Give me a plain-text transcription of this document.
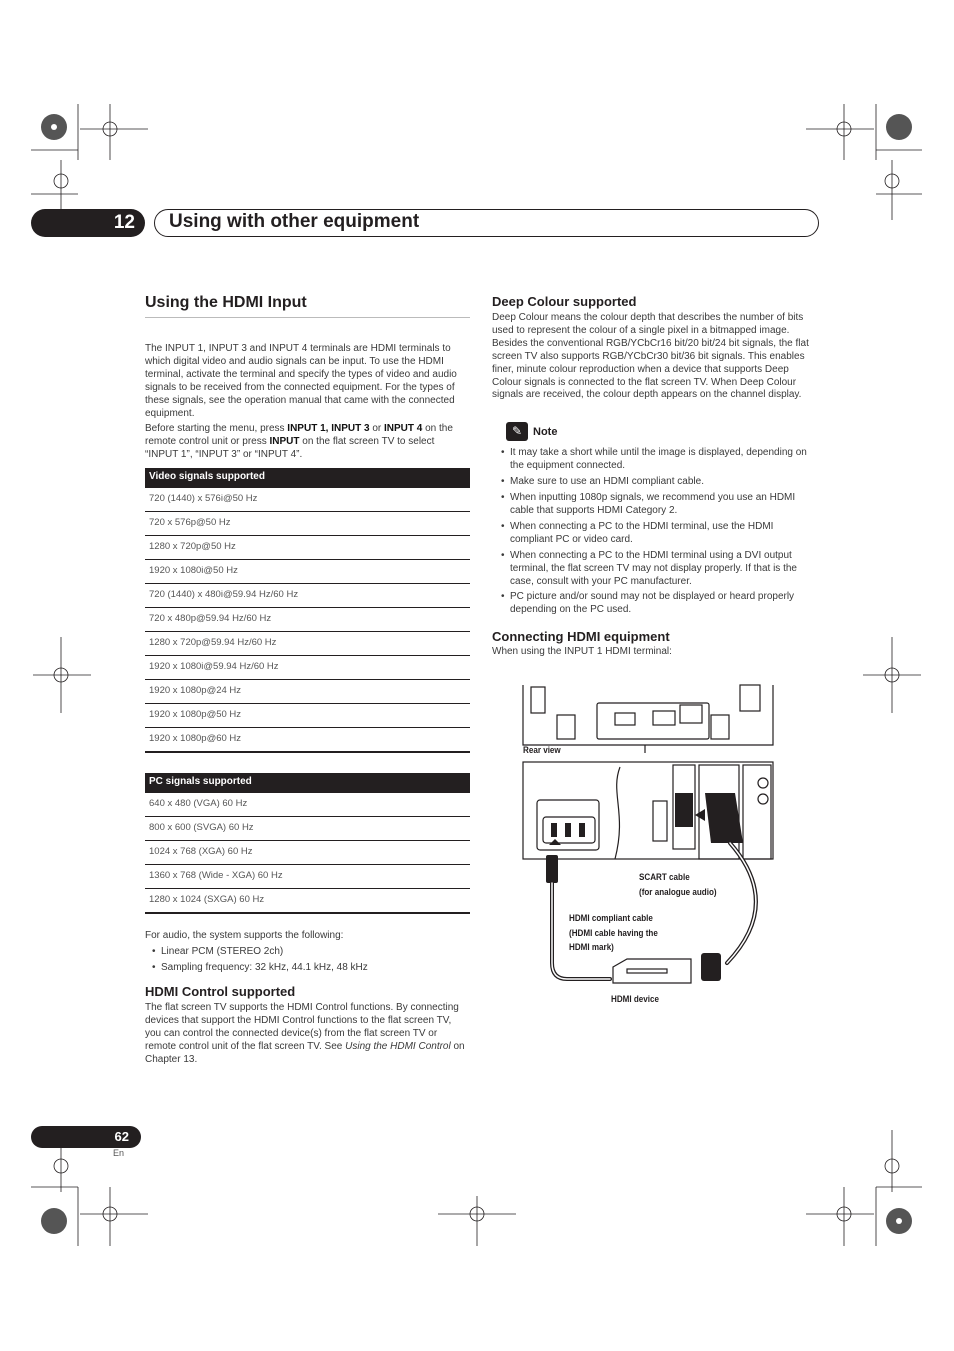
12 Using with other equipment
Using the HDMI Input

The INPUT 1, INPUT 3 and INPUT 4 terminals are HDMI terminals to which digital video and audio signals can be input. To use the HDMI terminal, activate the terminal and specify the types of video and audio signals to be received from the connected equipment. For the types of these signals, see the operation manual that came with the connected equipment.

Before starting the menu, press INPUT 1, INPUT 3 or INPUT 4 on the remote control unit or press INPUT on the flat screen TV to select “INPUT 1”, “INPUT 3” or “INPUT 4”.

Video signals supported
720 (1440) x 576i@50 Hz
720 x 576p@50 Hz
1280 x 720p@50 Hz
1920 x 1080i@50 Hz
720 (1440) x 480i@59.94 Hz/60 Hz
720 x 480p@59.94 Hz/60 Hz
1280 x 720p@59.94 Hz/60 Hz
1920 x 1080i@59.94 Hz/60 Hz
1920 x 1080p@24 Hz
1920 x 1080p@50 Hz
1920 x 1080p@60 Hz
PC signals supported
640 x 480 (VGA) 60 Hz
800 x 600 (SVGA) 60 Hz
1024 x 768 (XGA) 60 Hz
1360 x 768 (Wide - XGA) 60 Hz
1280 x 1024 (SXGA) 60 Hz

For audio, the system supports the following:

• Linear PCM (STEREO 2ch)
• Sampling frequency: 32 kHz, 44.1 kHz, 48 kHz
HDMI Control supported

The flat screen TV supports the HDMI Control functions. By connecting devices that support the HDMI Control functions to the flat screen TV, you can control the connected device(s) from the flat screen TV or remote control unit of the flat screen TV. See Using the HDMI Control on Chapter 13.

Deep Colour supported

Deep Colour means the colour depth that describes the number of bits used to represent the colour of a single pixel in a bitmapped image. Besides the conventional RGB/YCbCr16 bit/20 bit/24 bit signals, the flat screen TV also supports RGB/YCbCr30 bit/36 bit signals. This enables finer, minute colour reproduction when a device that supports Deep Colour signals is connected to the flat screen TV. When Deep Colour signals are received, the colour depth appears on the channel display.

✎ Note
• It may take a short while until the image is displayed, depending on the equipment connected.
• Make sure to use an HDMI compliant cable.
• When inputting 1080p signals, we recommend you use an HDMI cable that supports HDMI Category 2.
• When connecting a PC to the HDMI terminal, use the HDMI compliant PC or video card.
• When connecting a PC to the HDMI terminal using a DVI output terminal, the flat screen TV may not display properly. If that is the case, consult with your PC manufacturer.
• PC picture and/or sound may not be displayed or heard properly depending on the PC used.
Connecting HDMI equipment

When using the INPUT 1 HDMI terminal:

Rear view
SCART cable
(for analogue audio)
HDMI compliant cable
(HDMI cable having the
HDMI mark)
HDMI device
62
En
